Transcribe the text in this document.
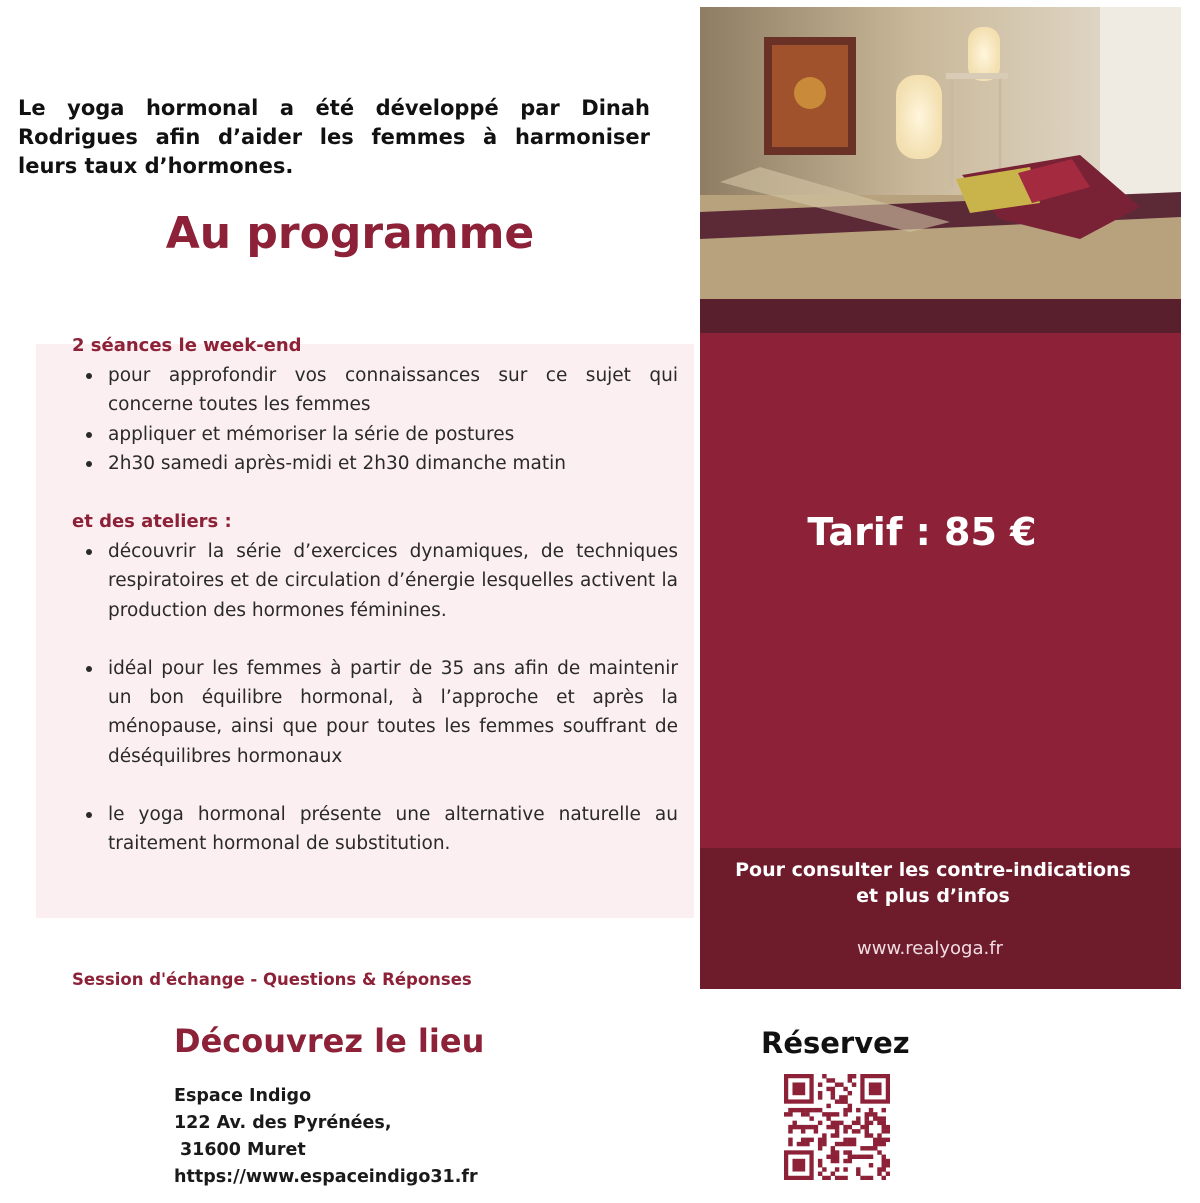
Le yoga hormonal a été développé par Dinah Rodrigues afin d’aider les femmes à harmoniser leurs taux d’hormones.

Au programme
2 séances le week-end
pour approfondir vos connaissances sur ce sujet qui concerne toutes les femmes
appliquer et mémoriser la série de postures
2h30 samedi après-midi et 2h30 dimanche matin
et des ateliers :
découvrir la série d’exercices dynamiques, de techniques respiratoires et de circulation d’énergie lesquelles activent la production des hormones féminines.
idéal pour les femmes à partir de 35 ans afin de maintenir un bon équilibre hormonal, à l’approche et après la ménopause, ainsi que pour toutes les femmes souffrant de déséquilibres hormonaux
le yoga hormonal présente une alternative naturelle au traitement hormonal de substitution.

Session d'échange - Questions & Réponses

Découvrez le lieu
Espace Indigo
122 Av. des Pyrénées,
31600 Muret
https://www.espaceindigo31.fr

Tarif : 85 €

Pour consulter les contre-indications
et plus d’infos

www.realyoga.fr

Réservez
